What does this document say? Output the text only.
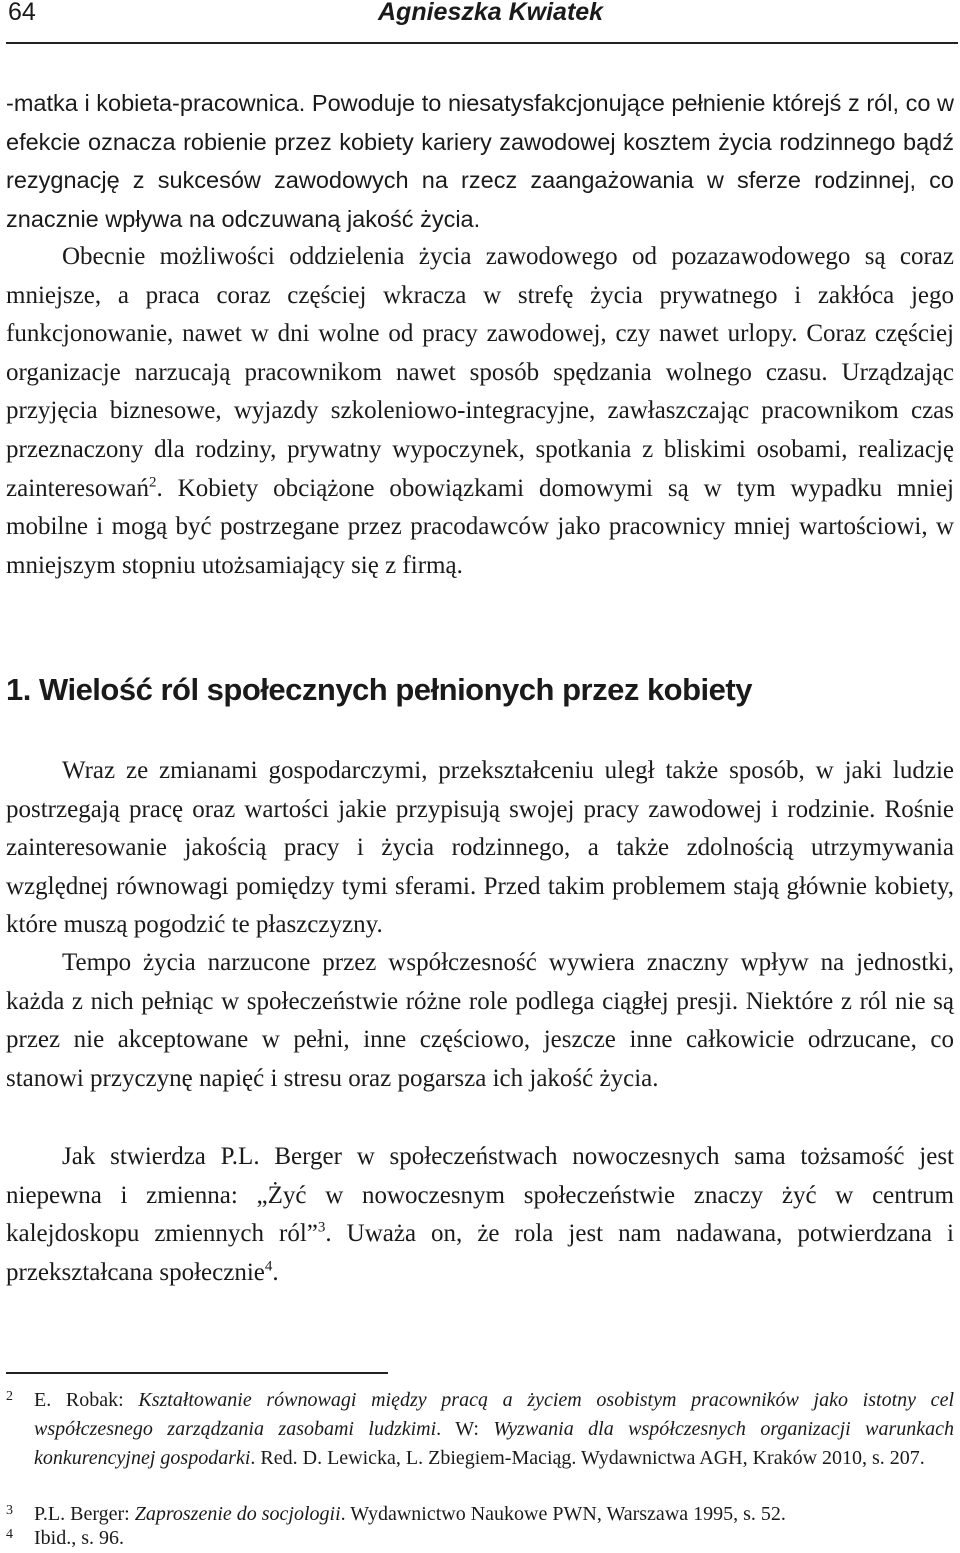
64	Agnieszka Kwiatek

-matka i kobieta-pracownica. Powoduje to niesatysfakcjonujące pełnienie którejś z ról, co w efekcie oznacza robienie przez kobiety kariery zawodowej kosztem życia rodzinnego bądź rezygnację z sukcesów zawodowych na rzecz zaangażowania w sferze rodzinnej, co znacznie wpływa na odczuwaną jakość życia.

Obecnie możliwości oddzielenia życia zawodowego od pozazawodowego są coraz mniejsze, a praca coraz częściej wkracza w strefę życia prywatnego i zakłóca jego funkcjonowanie, nawet w dni wolne od pracy zawodowej, czy nawet urlopy. Coraz częściej organizacje narzucają pracownikom nawet sposób spędzania wolnego czasu. Urządzając przyjęcia biznesowe, wyjazdy szkoleniowo-integracyjne, zawłaszczając pracownikom czas przeznaczony dla rodziny, prywatny wypoczynek, spotkania z bliskimi osobami, realizację zainteresowań$^2$. Kobiety obciążone obowiązkami domowymi są w tym wypadku mniej mobilne i mogą być postrzegane przez pracodawców jako pracownicy mniej wartościowi, w mniejszym stopniu utożsamiający się z firmą.

1. Wielość ról społecznych pełnionych przez kobiety

Wraz ze zmianami gospodarczymi, przekształceniu uległ także sposób, w jaki ludzie postrzegają pracę oraz wartości jakie przypisują swojej pracy zawodowej i rodzinie. Rośnie zainteresowanie jakością pracy i życia rodzinnego, a także zdolnością utrzymywania względnej równowagi pomiędzy tymi sferami. Przed takim problemem stają głównie kobiety, które muszą pogodzić te płaszczyzny.

Tempo życia narzucone przez współczesność wywiera znaczny wpływ na jednostki, każda z nich pełniąc w społeczeństwie różne role podlega ciągłej presji. Niektóre z ról nie są przez nie akceptowane w pełni, inne częściowo, jeszcze inne całkowicie odrzucane, co stanowi przyczynę napięć i stresu oraz pogarsza ich jakość życia.

Jak stwierdza P.L. Berger w społeczeństwach nowoczesnych sama tożsamość jest niepewna i zmienna: „Żyć w nowoczesnym społeczeństwie znaczy żyć w centrum kalejdoskopu zmiennych ról”$^3$. Uważa on, że rola jest nam nadawana, potwierdzana i przekształcana społecznie$^4$.

2 E. Robak: Kształtowanie równowagi między pracą a życiem osobistym pracowników jako istotny cel współczesnego zarządzania zasobami ludzkimi. W: Wyzwania dla współczesnych organizacji warunkach konkurencyjnej gospodarki. Red. D. Lewicka, L. Zbiegiem-Maciąg. Wydawnictwa AGH, Kraków 2010, s. 207.
3 P.L. Berger: Zaproszenie do socjologii. Wydawnictwo Naukowe PWN, Warszawa 1995, s. 52.
4 Ibid., s. 96.
